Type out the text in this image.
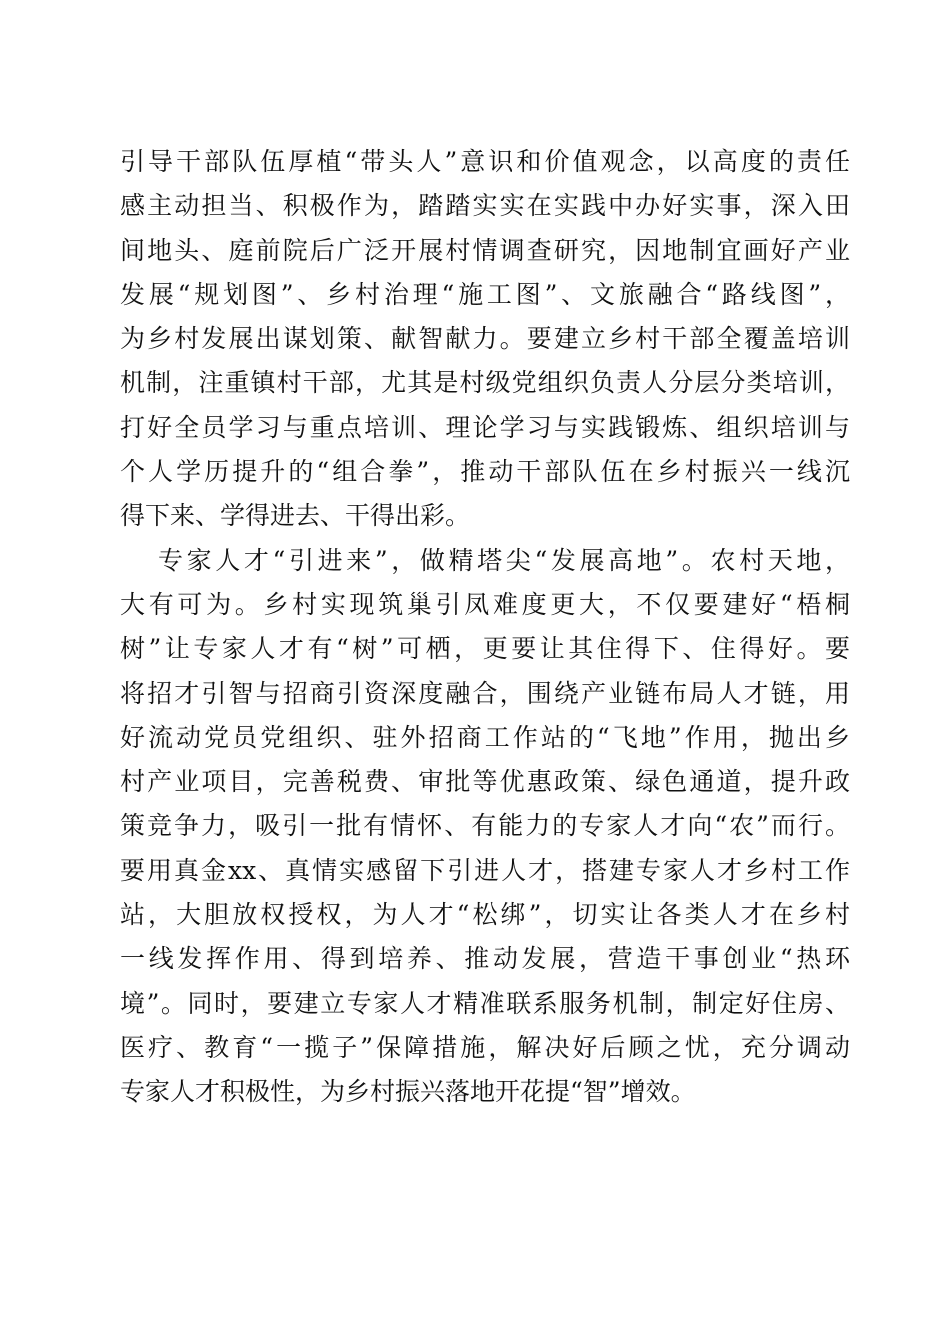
引导干部队伍厚植“带头人”意识和价值观念，以高度的责任
感主动担当、积极作为，踏踏实实在实践中办好实事，深入田
间地头、庭前院后广泛开展村情调查研究，因地制宜画好产业
发展“规划图”、乡村治理“施工图”、文旅融合“路线图”，
为乡村发展出谋划策、献智献力。要建立乡村干部全覆盖培训
机制，注重镇村干部，尤其是村级党组织负责人分层分类培训，
打好全员学习与重点培训、理论学习与实践锻炼、组织培训与
个人学历提升的“组合拳”，推动干部队伍在乡村振兴一线沉
得下来、学得进去、干得出彩。
专家人才“引进来”，做精塔尖“发展高地”。农村天地，
大有可为。乡村实现筑巢引凤难度更大，不仅要建好“梧桐
树”让专家人才有“树”可栖，更要让其住得下、住得好。要
将招才引智与招商引资深度融合，围绕产业链布局人才链，用
好流动党员党组织、驻外招商工作站的“飞地”作用，抛出乡
村产业项目，完善税费、审批等优惠政策、绿色通道，提升政
策竞争力，吸引一批有情怀、有能力的专家人才向“农”而行。
要用真金xx、真情实感留下引进人才，搭建专家人才乡村工作
站，大胆放权授权，为人才“松绑”，切实让各类人才在乡村
一线发挥作用、得到培养、推动发展，营造干事创业“热环
境”。同时，要建立专家人才精准联系服务机制，制定好住房、
医疗、教育“一揽子”保障措施，解决好后顾之忧，充分调动
专家人才积极性，为乡村振兴落地开花提“智”增效。
